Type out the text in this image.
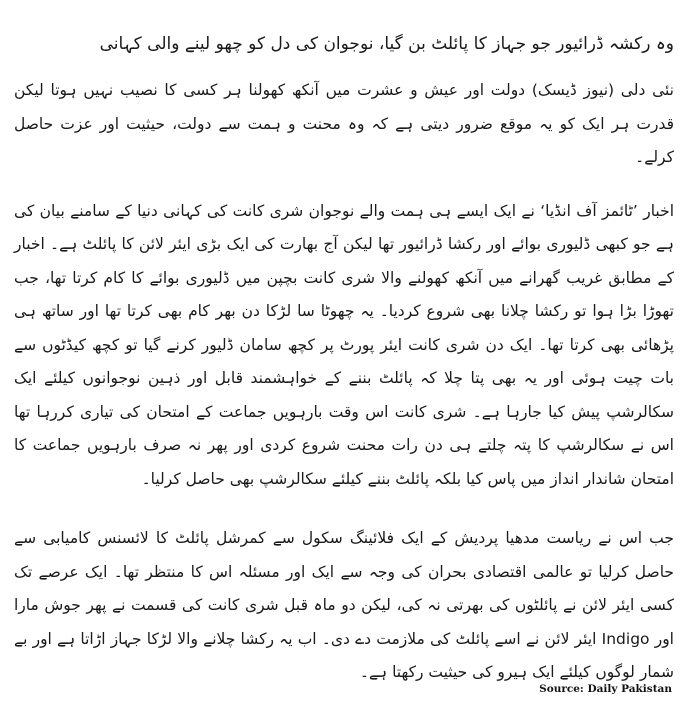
وہ رکشہ ڈرائیور جو جہاز کا پائلٹ بن گیا، نوجوان کی دل کو چھو لینے والی کہانی

نئی دلی (نیوز ڈیسک) دولت اور عیش و عشرت میں آنکھ کھولنا ہر کسی کا نصیب نہیں ہوتا لیکن قدرت ہر ایک کو یہ موقع ضرور دیتی ہے کہ وہ محنت و ہمت سے دولت، حیثیت اور عزت حاصل کرلے۔

اخبار ’ٹائمز آف انڈیا‘ نے ایک ایسے ہی ہمت والے نوجوان شری کانت کی کہانی دنیا کے سامنے بیان کی ہے جو کبھی ڈلیوری بوائے اور رکشا ڈرائیور تھا لیکن آج بھارت کی ایک بڑی ایئر لائن کا پائلٹ ہے۔ اخبار کے مطابق غریب گھرانے میں آنکھ کھولنے والا شری کانت بچپن میں ڈلیوری بوائے کا کام کرتا تھا، جب تھوڑا بڑا ہوا تو رکشا چلانا بھی شروع کردیا۔ یہ چھوٹا سا لڑکا دن بھر کام بھی کرتا تھا اور ساتھ ہی پڑھائی بھی کرتا تھا۔ ایک دن شری کانت ایئر پورٹ پر کچھ سامان ڈلیور کرنے گیا تو کچھ کیڈٹوں سے بات چیت ہوئی اور یہ بھی پتا چلا کہ پائلٹ بننے کے خواہشمند قابل اور ذہین نوجوانوں کیلئے ایک سکالرشپ پیش کیا جارہا ہے۔ شری کانت اس وقت بارہویں جماعت کے امتحان کی تیاری کررہا تھا اس نے سکالرشپ کا پتہ چلتے ہی دن رات محنت شروع کردی اور پھر نہ صرف بارہویں جماعت کا امتحان شاندار انداز میں پاس کیا بلکہ پائلٹ بننے کیلئے سکالرشپ بھی حاصل کرلیا۔

جب اس نے ریاست مدھیا پردیش کے ایک فلائینگ سکول سے کمرشل پائلٹ کا لائسنس کامیابی سے حاصل کرلیا تو عالمی اقتصادی بحران کی وجہ سے ایک اور مسئلہ اس کا منتظر تھا۔ ایک عرصے تک کسی ایئر لائن نے پائلٹوں کی بھرتی نہ کی، لیکن دو ماہ قبل شری کانت کی قسمت نے پھر جوش مارا اور Indigo ایئر لائن نے اسے پائلٹ کی ملازمت دے دی۔ اب یہ رکشا چلانے والا لڑکا جہاز اڑاتا ہے اور بے شمار لوگوں کیلئے ایک ہیرو کی حیثیت رکھتا ہے۔

Source: Daily Pakistan
